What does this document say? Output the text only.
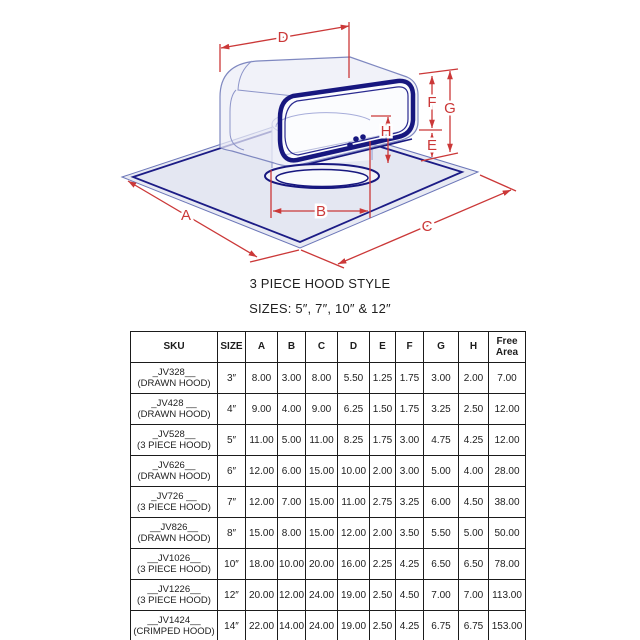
D
F G
E
H
B
A
C
3 PIECE HOOD STYLE
SIZES: 5″, 7″, 10″ & 12″
SKU	SIZE	A	B	C	D	E	F	G	H	Free Area

_JV328__
(DRAWN HOOD)	3″	8.00	3.00	8.00	5.50	1.25	1.75	3.00	2.00	7.00

_JV428 __
(DRAWN HOOD)	4″	9.00	4.00	9.00	6.25	1.50	1.75	3.25	2.50	12.00

_JV528__
(3 PIECE HOOD)	5″	11.00	5.00	11.00	8.25	1.75	3.00	4.75	4.25	12.00

_JV626__
(DRAWN HOOD)	6″	12.00	6.00	15.00	10.00	2.00	3.00	5.00	4.00	28.00

_JV726 __
(3 PIECE HOOD)	7″	12.00	7.00	15.00	11.00	2.75	3.25	6.00	4.50	38.00

__JV826__
(DRAWN HOOD)	8″	15.00	8.00	15.00	12.00	2.00	3.50	5.50	5.00	50.00

__JV1026__
(3 PIECE HOOD)	10″	18.00	10.00	20.00	16.00	2.25	4.25	6.50	6.50	78.00

__JV1226__
(3 PIECE HOOD)	12″	20.00	12.00	24.00	19.00	2.50	4.50	7.00	7.00	113.00

__JV1424__
(CRIMPED HOOD)	14″	22.00	14.00	24.00	19.00	2.50	4.25	6.75	6.75	153.00
